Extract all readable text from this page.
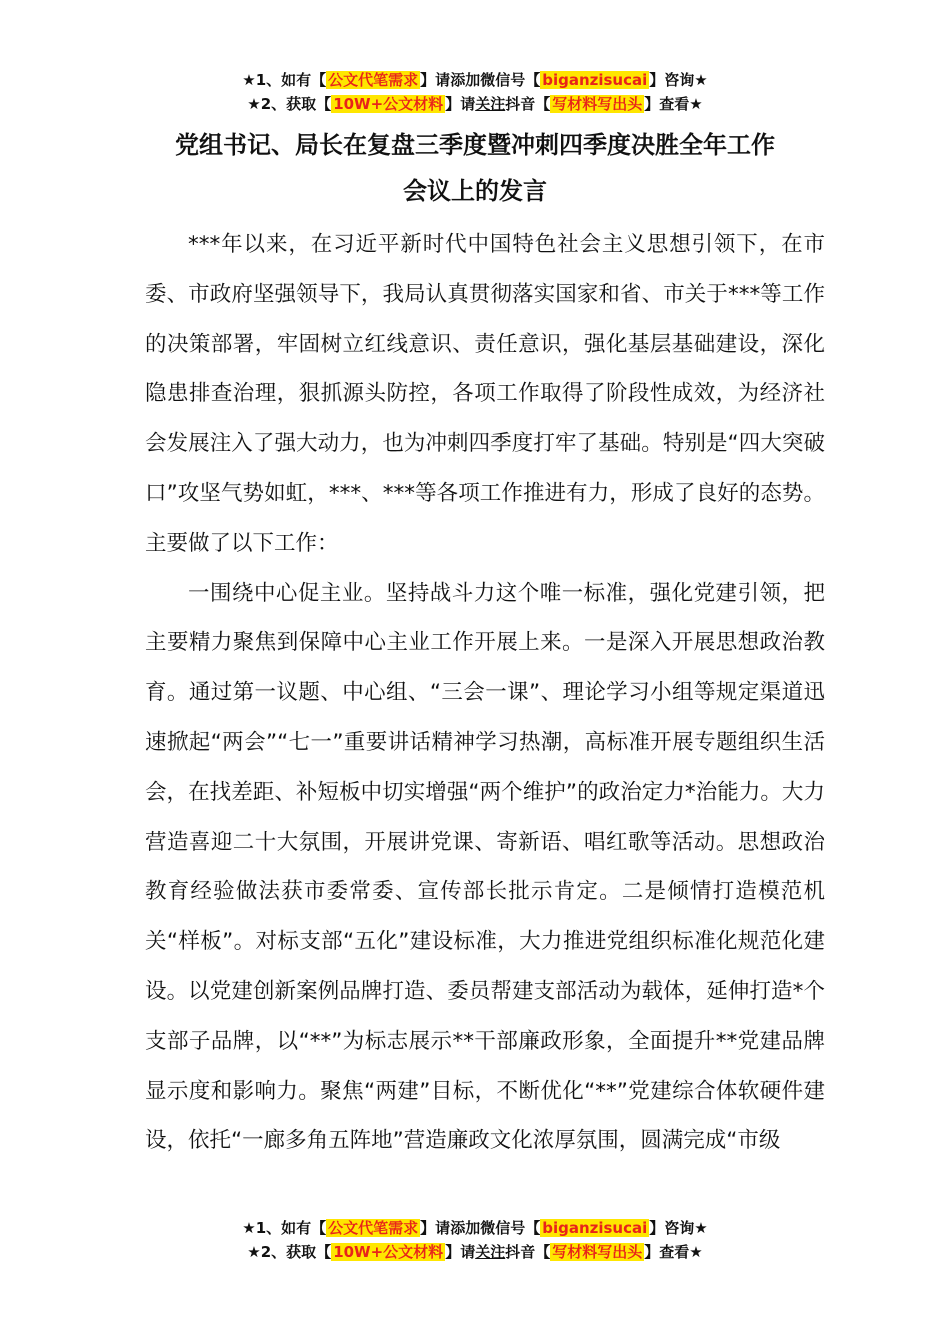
★1、如有【 公文代笔需求 】请添加微信号【 biganzisucai 】咨询★
★2、获取【 10W+公文材料 】请关注抖音【 写材料写出头 】查看★
党组书记、局长在复盘三季度暨冲刺四季度决胜全年工作
会议上的发言

***年以来，在习近平新时代中国特色社会主义思想引领下，在市委、市政府坚强领导下，我局认真贯彻落实国家和省、市关于***等工作的决策部署，牢固树立红线意识、责任意识，强化基层基础建设，深化隐患排查治理，狠抓源头防控，各项工作取得了阶段性成效，为经济社会发展注入了强大动力，也为冲刺四季度打牢了基础。特别是“四大突破口”攻坚气势如虹，***、***等各项工作推进有力，形成了良好的态势。主要做了以下工作：

一围绕中心促主业。坚持战斗力这个唯一标准，强化党建引领，把主要精力聚焦到保障中心主业工作开展上来。一是深入开展思想政治教育。通过第一议题、中心组、“三会一课”、理论学习小组等规定渠道迅速掀起“两会”“七一”重要讲话精神学习热潮，高标准开展专题组织生活会，在找差距、补短板中切实增强“两个维护”的政治定力*治能力。大力营造喜迎二十大氛围，开展讲党课、寄新语、唱红歌等活动。思想政治教育经验做法获市委常委、宣传部长批示肯定。二是倾情打造模范机关“样板”。对标支部“五化”建设标准，大力推进党组织标准化规范化建设。以党建创新案例品牌打造、委员帮建支部活动为载体，延伸打造*个支部子品牌，以“**”为标志展示**干部廉政形象，全面提升**党建品牌显示度和影响力。聚焦“两建”目标，不断优化“**”党建综合体软硬件建设，依托“一廊多角五阵地”营造廉政文化浓厚氛围，圆满完成“市级

★1、如有【 公文代笔需求 】请添加微信号【 biganzisucai 】咨询★
★2、获取【 10W+公文材料 】请关注抖音【 写材料写出头 】查看★
